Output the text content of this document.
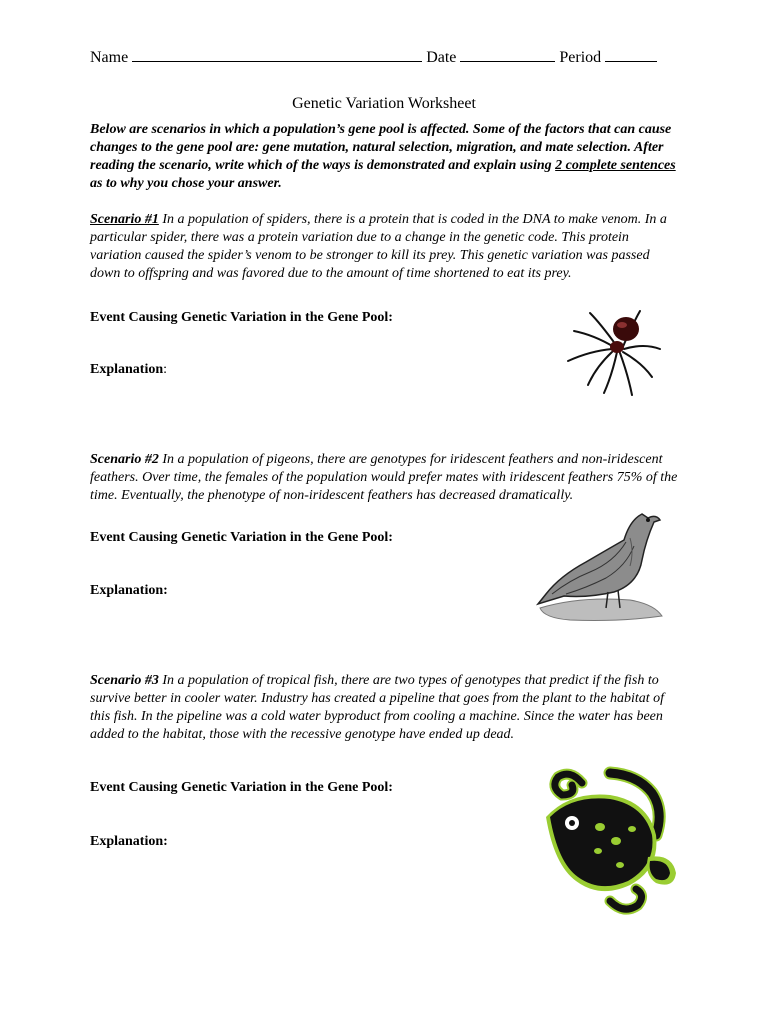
Name	Date	Period
Genetic Variation Worksheet
Below are scenarios in which a population’s gene pool is affected. Some of the factors that can cause changes to the gene pool are: gene mutation, natural selection, migration, and mate selection. After reading the scenario, write which of the ways is demonstrated and explain using 2 complete sentences as to why you chose your answer.
Scenario #1 In a population of spiders, there is a protein that is coded in the DNA to make venom. In a particular spider, there was a protein variation due to a change in the genetic code. This protein variation caused the spider’s venom to be stronger to kill its prey. This genetic variation was passed down to offspring and was favored due to the amount of time shortened to eat its prey.
Event Causing Genetic Variation in the Gene Pool:
Explanation:
Scenario #2 In a population of pigeons, there are genotypes for iridescent feathers and non-iridescent feathers. Over time, the females of the population would prefer mates with iridescent feathers 75% of the time. Eventually, the phenotype of non-iridescent feathers has decreased dramatically.
Event Causing Genetic Variation in the Gene Pool:
Explanation:
Scenario #3 In a population of tropical fish, there are two types of genotypes that predict if the fish to survive better in cooler water. Industry has created a pipeline that goes from the plant to the habitat of this fish. In the pipeline was a cold water byproduct from cooling a machine. Since the water has been added to the habitat, those with the recessive genotype have ended up dead.
Event Causing Genetic Variation in the Gene Pool:
Explanation:
